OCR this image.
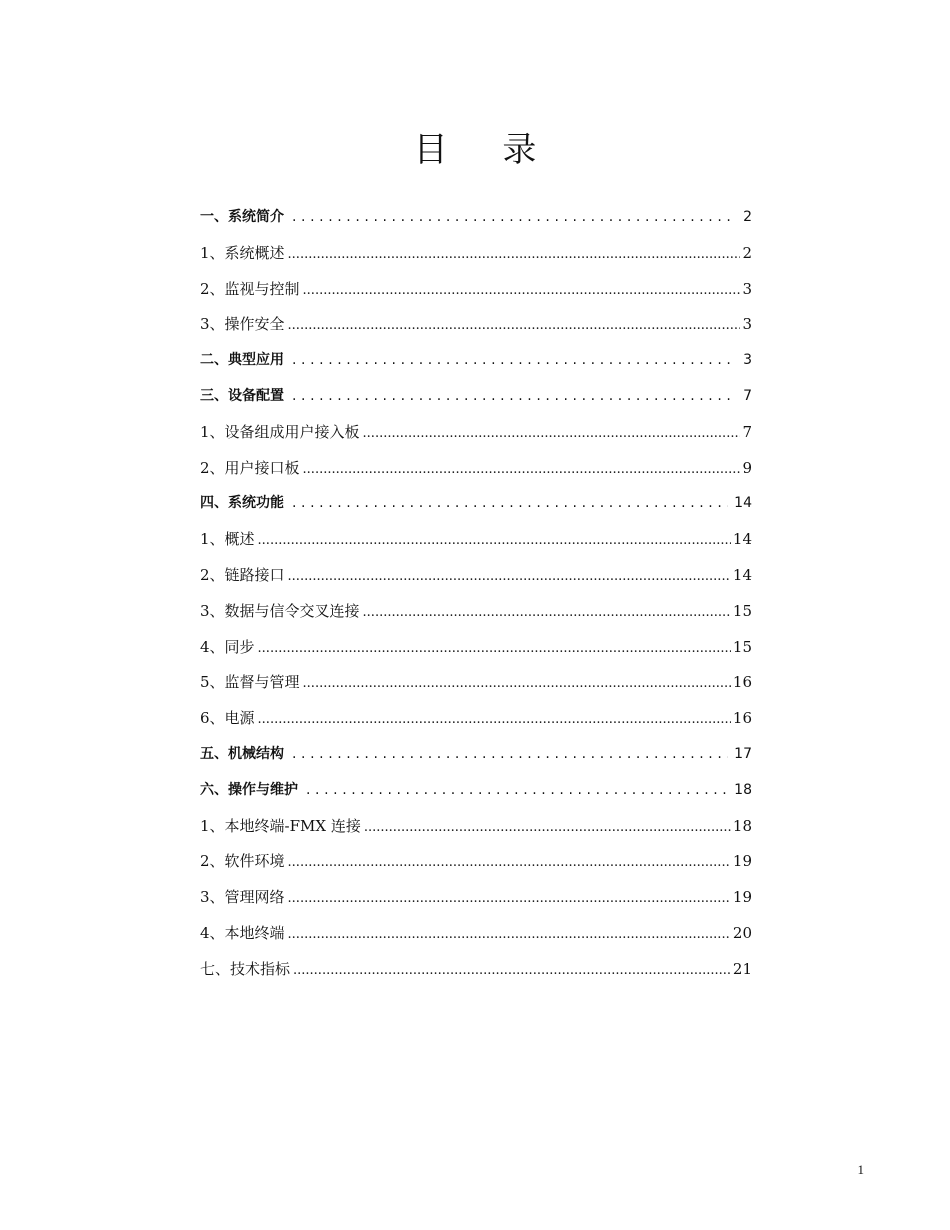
目 录
一、系统简介 .....	2
1、系统概述 .....	2
2、监视与控制 .....	3
3、操作安全 .....	3
二、典型应用 .....	3
三、设备配置 .....	7
1、设备组成用户接入板 .....	7
2、用户接口板 .....	9
四、系统功能 .....	14
1、概述 .....	14
2、链路接口 .....	14
3、数据与信令交叉连接 .....	15
4、同步 .....	15
5、监督与管理 .....	16
6、电源 .....	16
五、机械结构 .....	17
六、操作与维护 .....	18
1、本地终端-FMX 连接 .....	18
2、软件环境 .....	19
3、管理网络 .....	19
4、本地终端 .....	20
七、技术指标 .....	21
1
